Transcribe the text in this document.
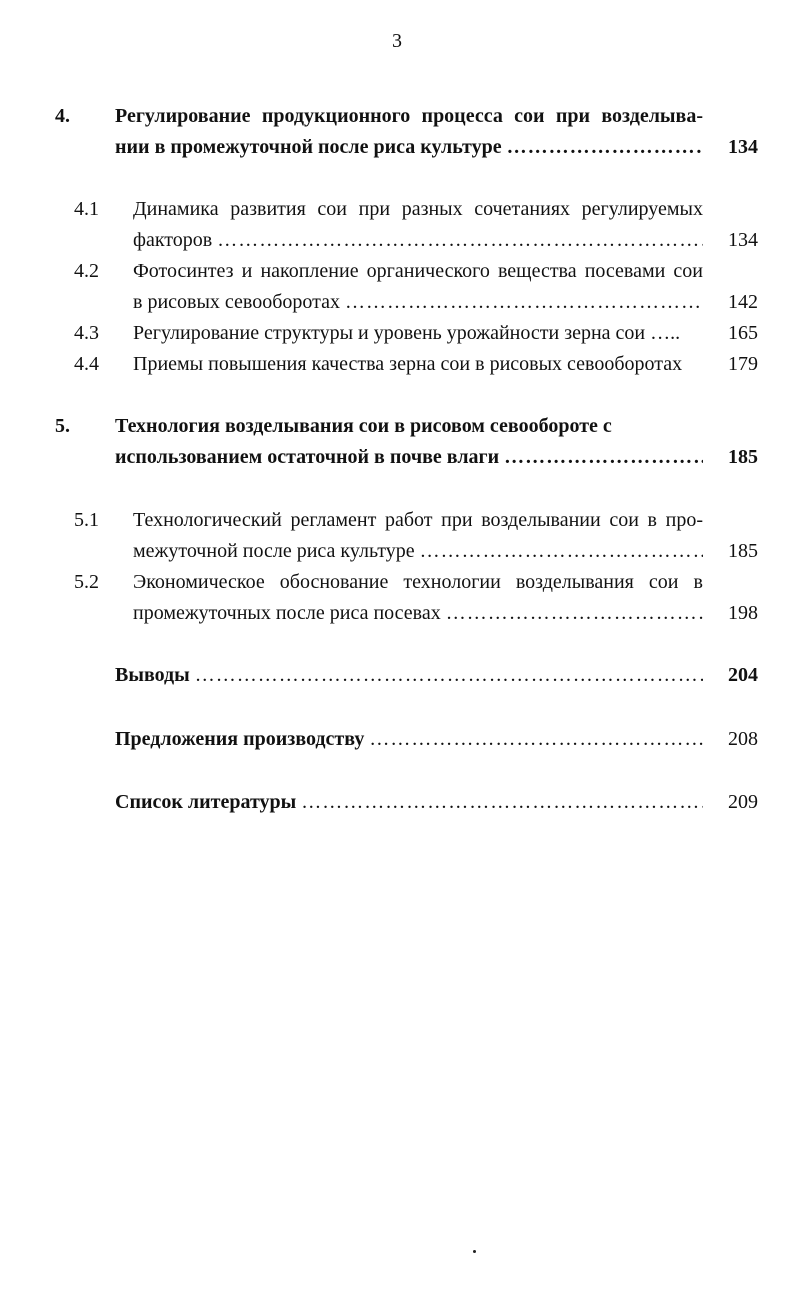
3
4. Регулирование продукционного процесса сои при возделыва-
нии в промежуточной после риса культуре …………………………………………………………………………………………………………………………………	134
4.1 Динамика развития сои при разных сочетаниях регулируемых
факторов …………………………………………………………………………………………………………………………………	134
4.2 Фотосинтез и накопление органического вещества посевами сои
в рисовых севооборотах …………………………………………………………………………………………………………………………………	142
4.3 Регулирование структуры и уровень урожайности зерна сои …..	165
4.4 Приемы повышения качества зерна сои в рисовых севооборотах	179
5. Технология возделывания сои в рисовом севообороте с
использованием остаточной в почве влаги …………………………………………………………………………………………………………………………………	185
5.1 Технологический регламент работ при возделывании сои в про-
межуточной после риса культуре …………………………………………………………………………………………………………………………………	185
5.2 Экономическое обоснование технологии возделывания сои в
промежуточных после риса посевах …………………………………………………………………………………………………………………………………	198
Выводы …………………………………………………………………………………………………………………………………	204
Предложения производству …………………………………………………………………………………………………………………………………	208
Список литературы …………………………………………………………………………………………………………………………………	209
